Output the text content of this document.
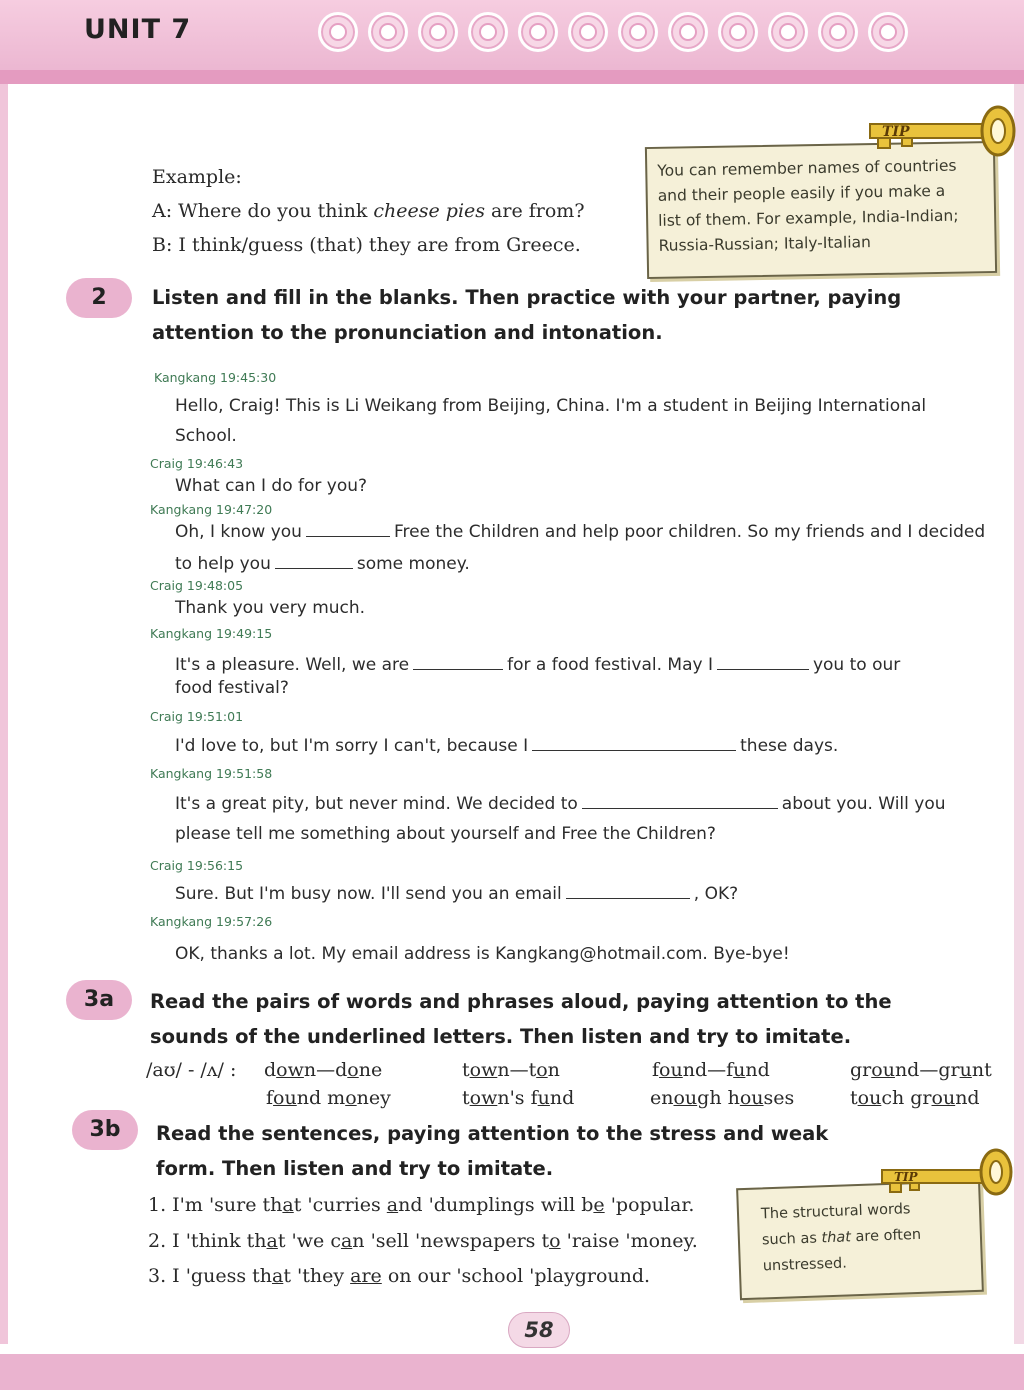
UNIT 7

Example:

A: Where do you think cheese pies are from?

B: I think/guess (that) they are from Greece.

You can remember names of countries
and their people easily if you make a
list of them. For example, India-Indian;
Russia-Russian; Italy-Italian
TIP
2	Listen and fill in the blanks. Then practice with your partner, paying
attention to the pronunciation and intonation.
Kangkang 19:45:30
Hello, Craig! This is Li Weikang from Beijing, China. I'm a student in Beijing International
School.
Craig 19:46:43
What can I do for you?
Kangkang 19:47:20
Oh, I know you	Free the Children and help poor children. So my friends and I decided
to help you	some money.
Craig 19:48:05
Thank you very much.
Kangkang 19:49:15
It's a pleasure. Well, we are	for a food festival. May I	you to our
food festival?
Craig 19:51:01
I'd love to, but I'm sorry I can't, because I	these days.
Kangkang 19:51:58
It's a great pity, but never mind. We decided to	about you. Will you
please tell me something about yourself and Free the Children?
Craig 19:56:15
Sure. But I'm busy now. I'll send you an email	, OK?
Kangkang 19:57:26
OK, thanks a lot. My email address is Kangkang@hotmail.com. Bye-bye!
3a	Read the pairs of words and phrases aloud, paying attention to the
sounds of the underlined letters. Then listen and try to imitate.
/aʊ/ - /ʌ/ : down—done	town—ton	found—fund	ground—grunt
found money	town's fund	enough houses	touch ground
3b	Read the sentences, paying attention to the stress and weak
form. Then listen and try to imitate.
1. I'm 'sure that 'curries and 'dumplings will be 'popular.
2. I 'think that 'we can 'sell 'newspapers to 'raise 'money.
3. I 'guess that 'they are on our 'school 'playground.
The structural words
such as that are often
unstressed.
TIP
58
